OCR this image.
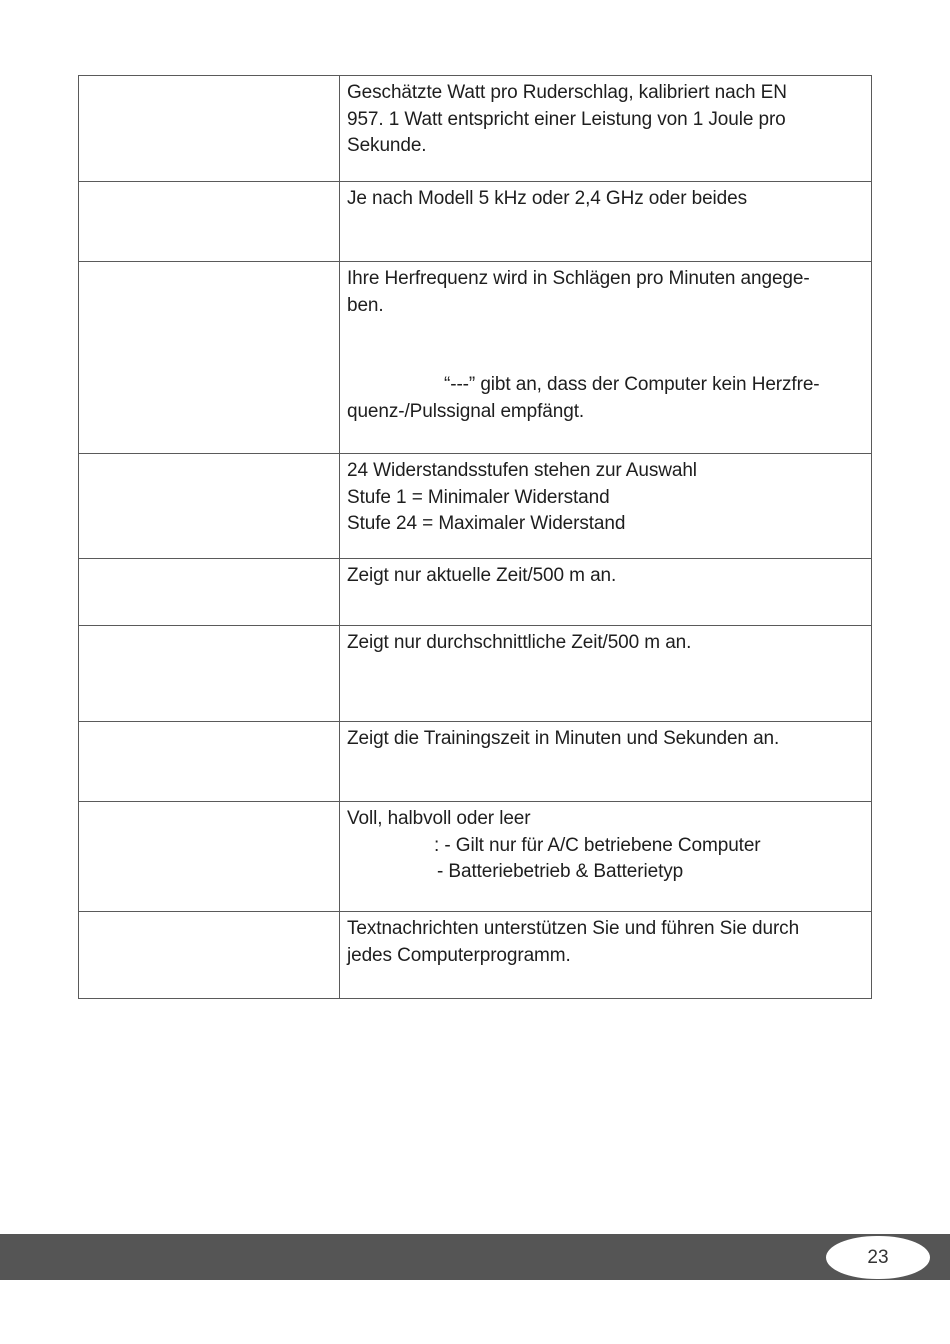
	Geschätzte Watt pro Ruderschlag, kalibriert nach EN
957. 1 Watt entspricht einer Leistung von 1 Joule pro
Sekunde.

	Je nach Modell 5 kHz oder 2,4 GHz oder beides

	Ihre Herfrequenz wird in Schlägen pro Minuten angege-
ben.
“---” gibt an, dass der Computer kein Herzfre-
quenz-/Pulssignal empfängt.

	24 Widerstandsstufen stehen zur Auswahl
Stufe 1 = Minimaler Widerstand
Stufe 24 = Maximaler Widerstand

	Zeigt nur aktuelle Zeit/500 m an.

	Zeigt nur durchschnittliche Zeit/500 m an.

	Zeigt die Trainingszeit in Minuten und Sekunden an.

	Voll, halbvoll oder leer
: - Gilt nur für A/C betriebene Computer
- Batteriebetrieb & Batterietyp

	Textnachrichten unterstützen Sie und führen Sie durch
jedes Computerprogramm.
23
